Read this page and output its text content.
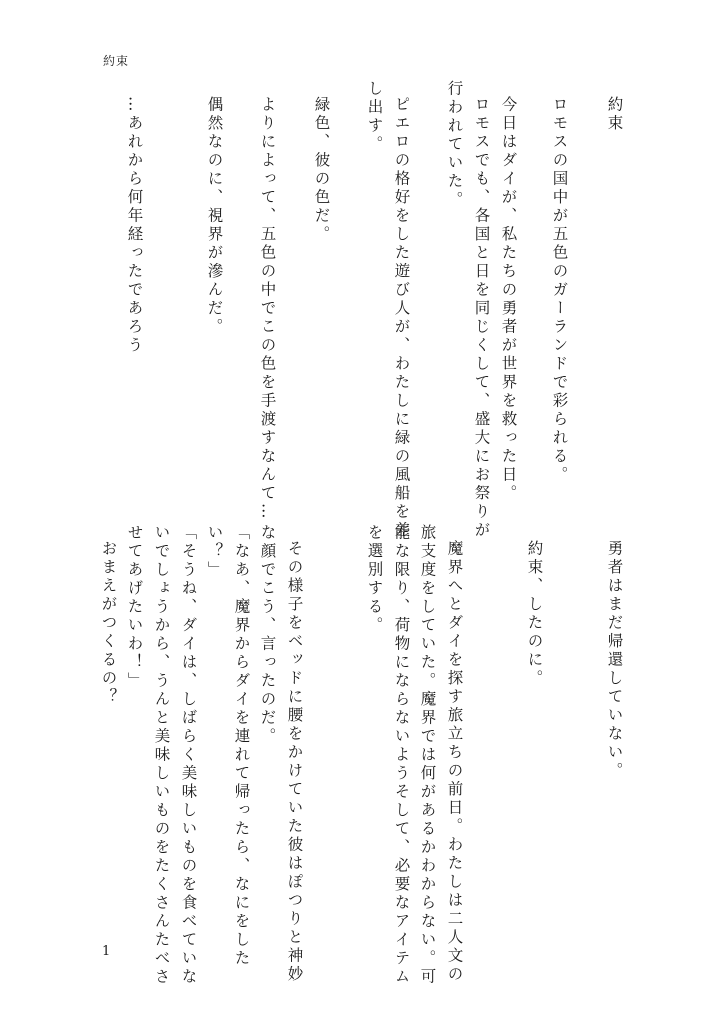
約束
約束
ロモスの国中が五色のガーランドで彩られる。
今日はダイが、私たちの勇者が世界を救った日。
ロモスでも、各国と日を同じくして、盛大にお祭りが
行われていた。
ピエロの格好をした遊び人が、わたしに緑の風船を差
し出す。
緑色、彼の色だ。
よりによって、五色の中でこの色を手渡すなんて…
偶然なのに、視界が滲んだ。
…あれから何年経ったであろう
勇者はまだ帰還していない。
約束、したのに。
魔界へとダイを探す旅立ちの前日。わたしは二人文の
旅支度をしていた。魔界では何があるかわからない。可
能な限り、荷物にならないようそして、必要なアイテム
を選別する。
その様子をベッドに腰をかけていた彼はぽつりと神妙
な顔でこう、言ったのだ。
「なあ、魔界からダイを連れて帰ったら、なにをした
い？」
「そうね、ダイは、しばらく美味しいものを食べていな
いでしょうから、うんと美味しいものをたくさんたべさ
せてあげたいわ！」
おまえがつくるの？
1
